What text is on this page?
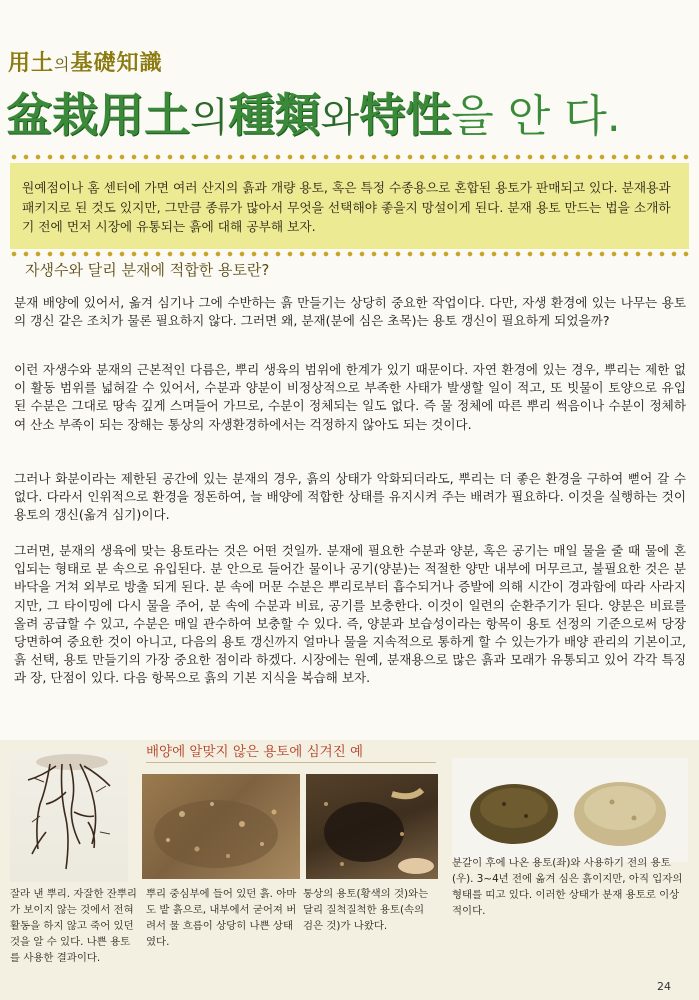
用土의基礎知識
盆栽用土의種類와特性을 안 다.
원예점이나 홈 센터에 가면 여러 산지의 흙과 개량 용토, 혹은 특정 수종용으로 혼합된 용토가 판매되고 있다. 분재용과 패키지로 된 것도 있지만, 그만큼 종류가 많아서 무엇을 선택해야 좋을지 망설이게 된다. 분재 용토 만드는 법을 소개하기 전에 먼저 시장에 유통되는 흙에 대해 공부해 보자.
자생수와 달리 분재에 적합한 용토란?
분재 배양에 있어서, 옮겨 심기나 그에 수반하는 흙 만들기는 상당히 중요한 작업이다. 다만, 자생 환경에 있는 나무는 용토의 갱신 같은 조치가 물론 필요하지 않다. 그러면 왜, 분재(분에 심은 초목)는 용토 갱신이 필요하게 되었을까?
이런 자생수와 분재의 근본적인 다름은, 뿌리 생육의 범위에 한계가 있기 때문이다. 자연 환경에 있는 경우, 뿌리는 제한 없이 활동 범위를 넓혀갈 수 있어서, 수분과 양분이 비정상적으로 부족한 사태가 발생할 일이 적고, 또 빗물이 토양으로 유입된 수분은 그대로 땅속 깊게 스며들어 가므로, 수분이 정체되는 일도 없다. 즉 물 정체에 따른 뿌리 썩음이나 수분이 정체하여 산소 부족이 되는 장해는 통상의 자생환경하에서는 걱정하지 않아도 되는 것이다.
그러나 화분이라는 제한된 공간에 있는 분재의 경우, 흙의 상태가 악화되더라도, 뿌리는 더 좋은 환경을 구하여 뻗어 갈 수 없다. 다라서 인위적으로 환경을 정돈하여, 늘 배양에 적합한 상태를 유지시켜 주는 배려가 필요하다. 이것을 실행하는 것이 용토의 갱신(옮겨 심기)이다.
그러면, 분재의 생육에 맞는 용토라는 것은 어떤 것일까. 분재에 필요한 수분과 양분, 혹은 공기는 매일 물을 줄 때 물에 혼입되는 형태로 분 속으로 유입된다. 분 안으로 들어간 물이나 공기(양분)는 적절한 양만 내부에 머무르고, 불필요한 것은 분 바닥을 거쳐 외부로 방출 되게 된다. 분 속에 머문 수분은 뿌리로부터 흡수되거나 증발에 의해 시간이 경과함에 따라 사라지지만, 그 타이밍에 다시 물을 주어, 분 속에 수분과 비료, 공기를 보충한다. 이것이 일련의 순환주기가 된다. 양분은 비료를 올려 공급할 수 있고, 수분은 매일 관수하여 보충할 수 있다. 즉, 양분과 보습성이라는 항목이 용토 선정의 기준으로써 당장 당면하여 중요한 것이 아니고, 다음의 용토 갱신까지 얼마나 물을 지속적으로 통하게 할 수 있는가가 배양 관리의 기본이고, 흙 선택, 용토 만들기의 가장 중요한 점이라 하겠다. 시장에는 원예, 분재용으로 많은 흙과 모래가 유통되고 있어 각각 특징과 장, 단점이 있다. 다음 항목으로 흙의 기본 지식을 복습해 보자.
배양에 알맞지 않은 용토에 심겨진 예
잘라 낸 뿌리. 자잘한 잔뿌리가 보이지 않는 것에서 전혀 활동을 하지 않고 죽어 있던 것을 알 수 있다. 나쁜 용토를 사용한 결과이다.
뿌리 중심부에 들어 있던 흙. 아마도 밭 흙으로, 내부에서 굳어져 버려서 물 흐름이 상당히 나쁜 상태였다.
통상의 용토(황색의 것)와는 달리 질척질척한 용토(속의 검은 것)가 나왔다.
분갈이 후에 나온 용토(좌)와 사용하기 전의 용토(우). 3~4년 전에 옮겨 심은 흙이지만, 아직 입자의 형태를 띠고 있다. 이러한 상태가 분재 용토로 이상적이다.
24
